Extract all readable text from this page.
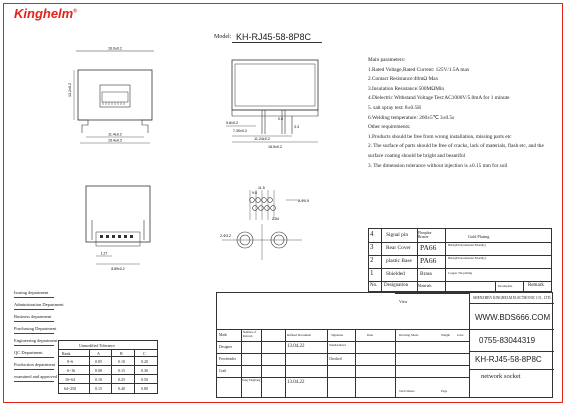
Kinghelm®
Model: KH-RJ45-58-8P8C
16.0±0.2
13.2±0.2
11.4±0.2
15.4±0.2
18.5±0.2
11.24±0.2
7.30±0.2
5.8±0.2
3.3
0.5
1.27
8.89±0.2
11.5
9.0
8-Φ0.9
2-Φ3.2
2.54

Main parameters:

1.Rated Voltage,Rated Current: 125V/1.5A max

2.Contact Resistance:40mΩ Max

3.Insulation Resistance:500MΩMin

4.Dielectric Withstand Voltage Test:AC1000V/5.0mA for 1 minute

5. salt spray test: 8±0.5H

6.Welding temperature: 260±5℃ 3±0.5s

Other requirements:

1.Products should be free from wrong installation, missing parts etc

2. The surface of parts should be free of cracks, lack of materials, flash etc, and the surface coating should be bright and beautiful

3. The dimension tolerance without injection is ±0.15 mm for soil

4 Signal pin	Phosphor Bronze	Gold Plating
3 Rear Cover PA66	Black(Environmental Friendly)
2 plastic Base PA66	Black(Environmental Friendly)
1 Shielded	Brass	Copper Tin plating
No. Designation	Materials	Incomplete	Remark
Issuing department
Administration Department
Business department
Purchasing Department
Engineering department
QC Department
Production department
examined and approved
Unmodified Tolerance
Rank	A	B	C
0~6	0.05	0.10	0.20
6~16	0.08	0.15	0.30
16~64	0.10	0.25	0.50
64~250	0.15	0.40	0.80
View
SHENZHEN KINGHELM ELECTRONIC CO., LTD.
Mark
Number of Refresh	Refined Document	Signature	Date	Drawing Mode	Weight scale
Designer	13.04.22	Standardized
Proofreader	Checked
Craft
Wang Yingliang	13.04.22
Total Sheets	Page
WWW.BDS666.COM
0755-83044319
KH-RJ45-58-8P8C
network socket
